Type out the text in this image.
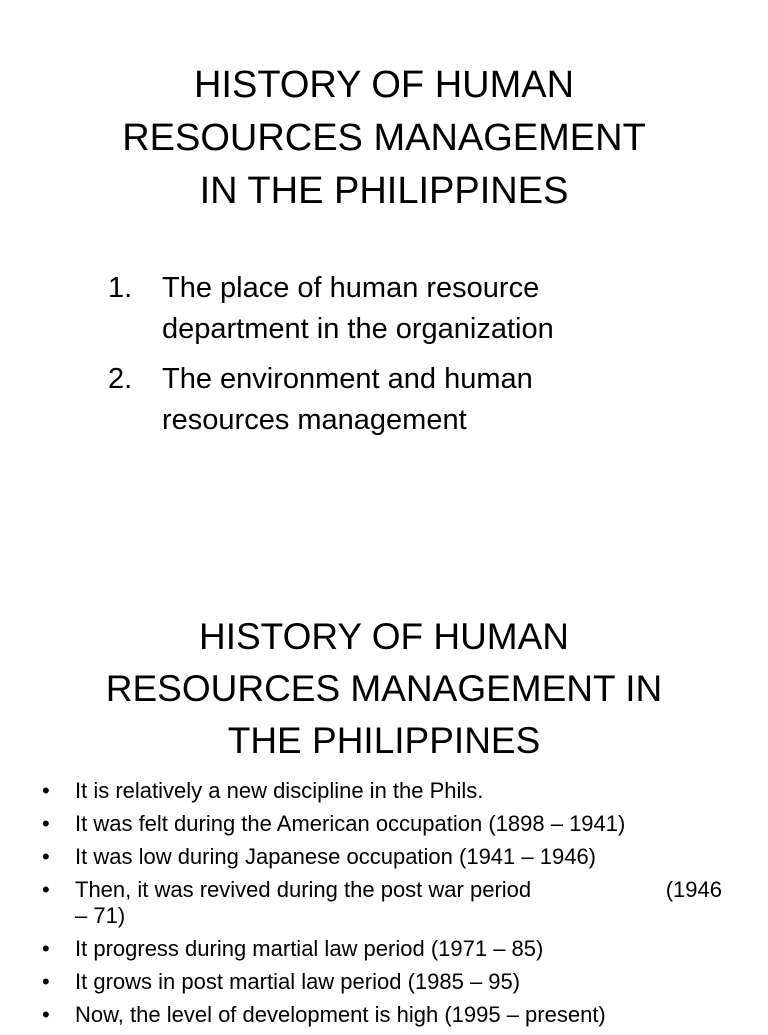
HISTORY OF HUMAN
RESOURCES MANAGEMENT
IN THE PHILIPPINES
1. The place of human resource
department in the organization
2. The environment and human
resources management
HISTORY OF HUMAN
RESOURCES MANAGEMENT IN
THE PHILIPPINES
• It is relatively a new discipline in the Phils.
• It was felt during the American occupation (1898 – 1941)
• It was low during Japanese occupation (1941 – 1946)
• Then, it was revived during the post war period	(1946
– 71)
• It progress during martial law period (1971 – 85)
• It grows in post martial law period (1985 – 95)
• Now, the level of development is high (1995 – present)
